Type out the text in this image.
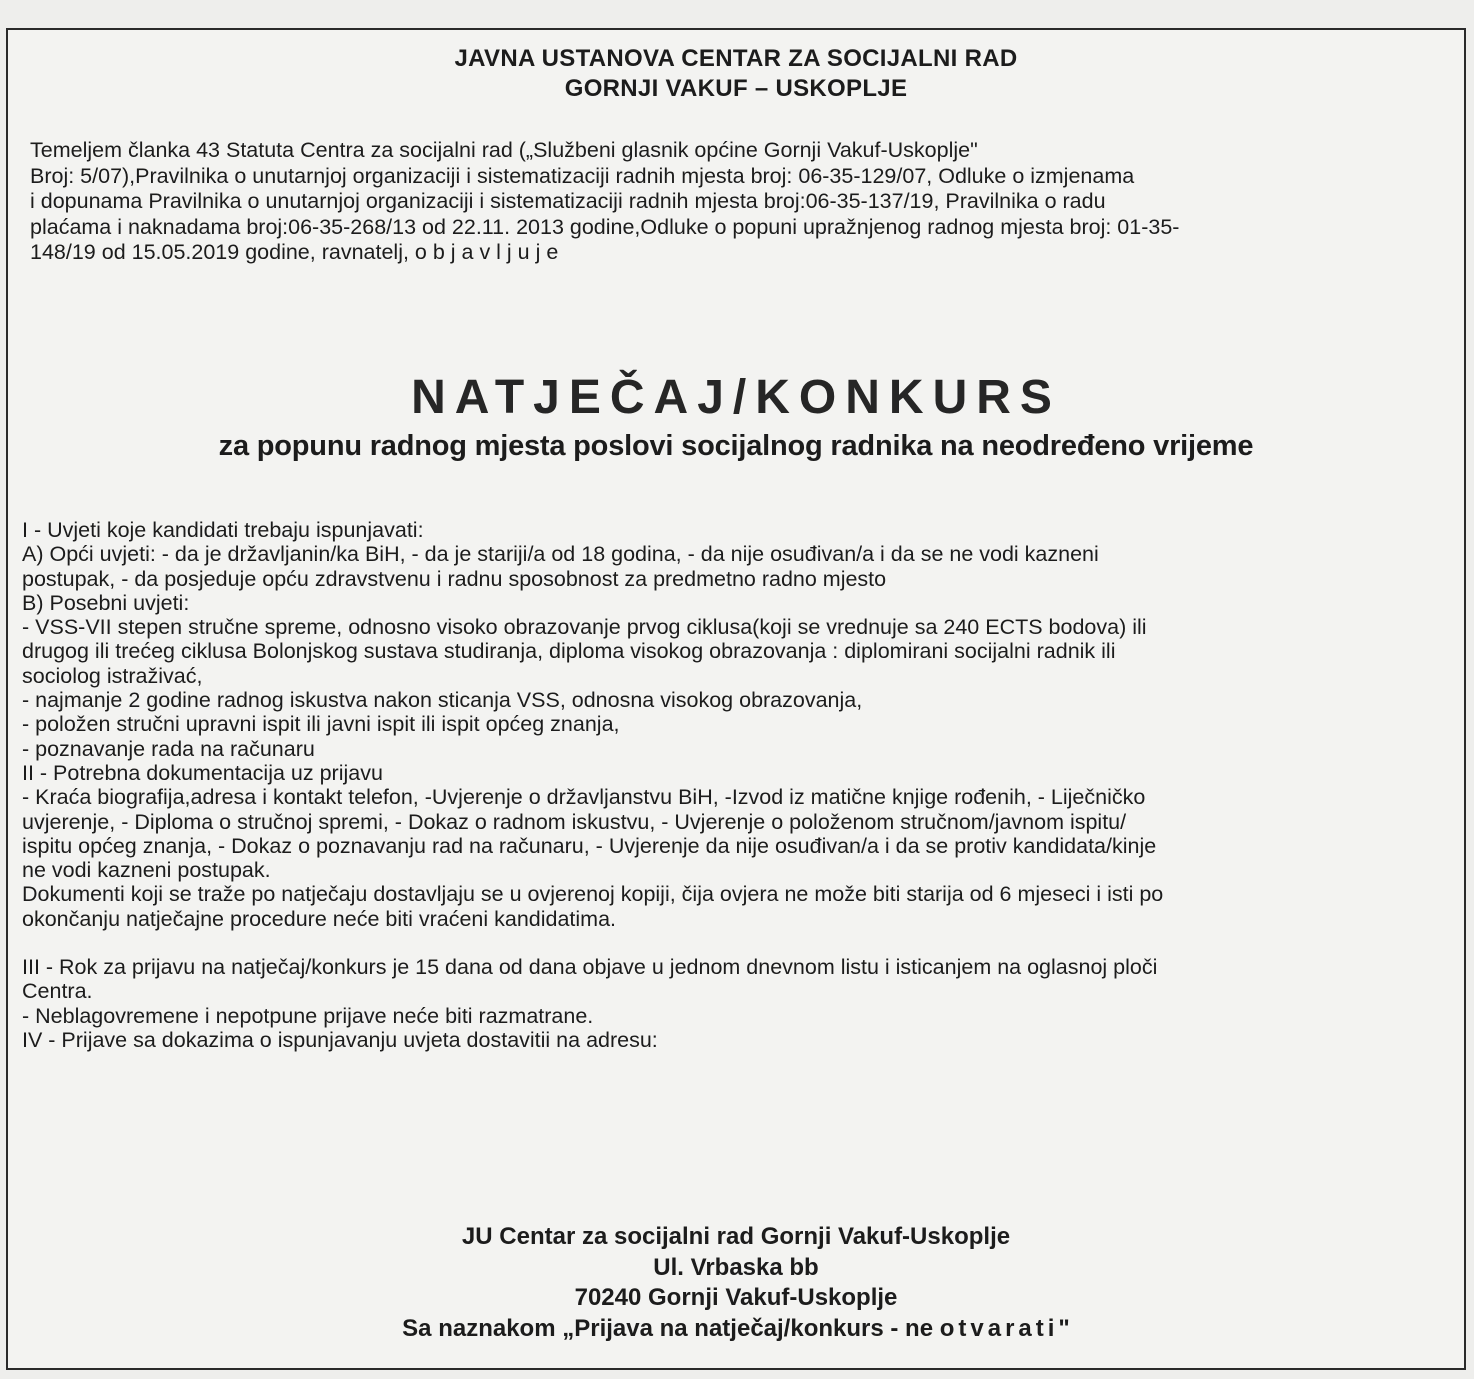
JAVNA USTANOVA CENTAR ZA SOCIJALNI RAD
GORNJI VAKUF – USKOPLJE

Temeljem članka 43 Statuta Centra za socijalni rad („Službeni glasnik općine Gornji Vakuf-Uskoplje"

Broj: 5/07),Pravilnika o unutarnjoj organizaciji i sistematizaciji radnih mjesta broj: 06-35-129/07, Odluke o izmjenama

i dopunama Pravilnika o unutarnjoj organizaciji i sistematizaciji radnih mjesta broj:06-35-137/19, Pravilnika o radu

plaćama i naknadama broj:06-35-268/13 od 22.11. 2013 godine,Odluke o popuni upražnjenog radnog mjesta broj: 01-35-

148/19 od 15.05.2019 godine, ravnatelj, o b j a v l j u j e

NATJEČAJ/KONKURS
za popunu radnog mjesta poslovi socijalnog radnika na neodređeno vrijeme

I - Uvjeti koje kandidati trebaju ispunjavati:

A) Opći uvjeti: - da je državljanin/ka BiH, - da je stariji/a od 18 godina, - da nije osuđivan/a i da se ne vodi kazneni

postupak, - da posjeduje opću zdravstvenu i radnu sposobnost za predmetno radno mjesto

B) Posebni uvjeti:

- VSS-VII stepen stručne spreme, odnosno visoko obrazovanje prvog ciklusa(koji se vrednuje sa 240 ECTS bodova) ili

drugog ili trećeg ciklusa Bolonjskog sustava studiranja, diploma visokog obrazovanja : diplomirani socijalni radnik ili

sociolog istraživać,

- najmanje 2 godine radnog iskustva nakon sticanja VSS, odnosna visokog obrazovanja,

- položen stručni upravni ispit ili javni ispit ili ispit općeg znanja,

- poznavanje rada na računaru

II - Potrebna dokumentacija uz prijavu

- Kraća biografija,adresa i kontakt telefon, -Uvjerenje o državljanstvu BiH, -Izvod iz matične knjige rođenih, - Liječničko

uvjerenje, - Diploma o stručnoj spremi, - Dokaz o radnom iskustvu, - Uvjerenje o položenom stručnom/javnom ispitu/

ispitu općeg znanja, - Dokaz o poznavanju rad na računaru, - Uvjerenje da nije osuđivan/a i da se protiv kandidata/kinje

ne vodi kazneni postupak.

Dokumenti koji se traže po natječaju dostavljaju se u ovjerenoj kopiji, čija ovjera ne može biti starija od 6 mjeseci i isti po

okončanju natječajne procedure neće biti vraćeni kandidatima.

III - Rok za prijavu na natječaj/konkurs je 15 dana od dana objave u jednom dnevnom listu i isticanjem na oglasnoj ploči

Centra.

- Neblagovremene i nepotpune prijave neće biti razmatrane.

IV - Prijave sa dokazima o ispunjavanju uvjeta dostavitii na adresu:

JU Centar za socijalni rad Gornji Vakuf-Uskoplje

Ul. Vrbaska bb

70240 Gornji Vakuf-Uskoplje

Sa naznakom „Prijava na natječaj/konkurs - ne otvarati"
